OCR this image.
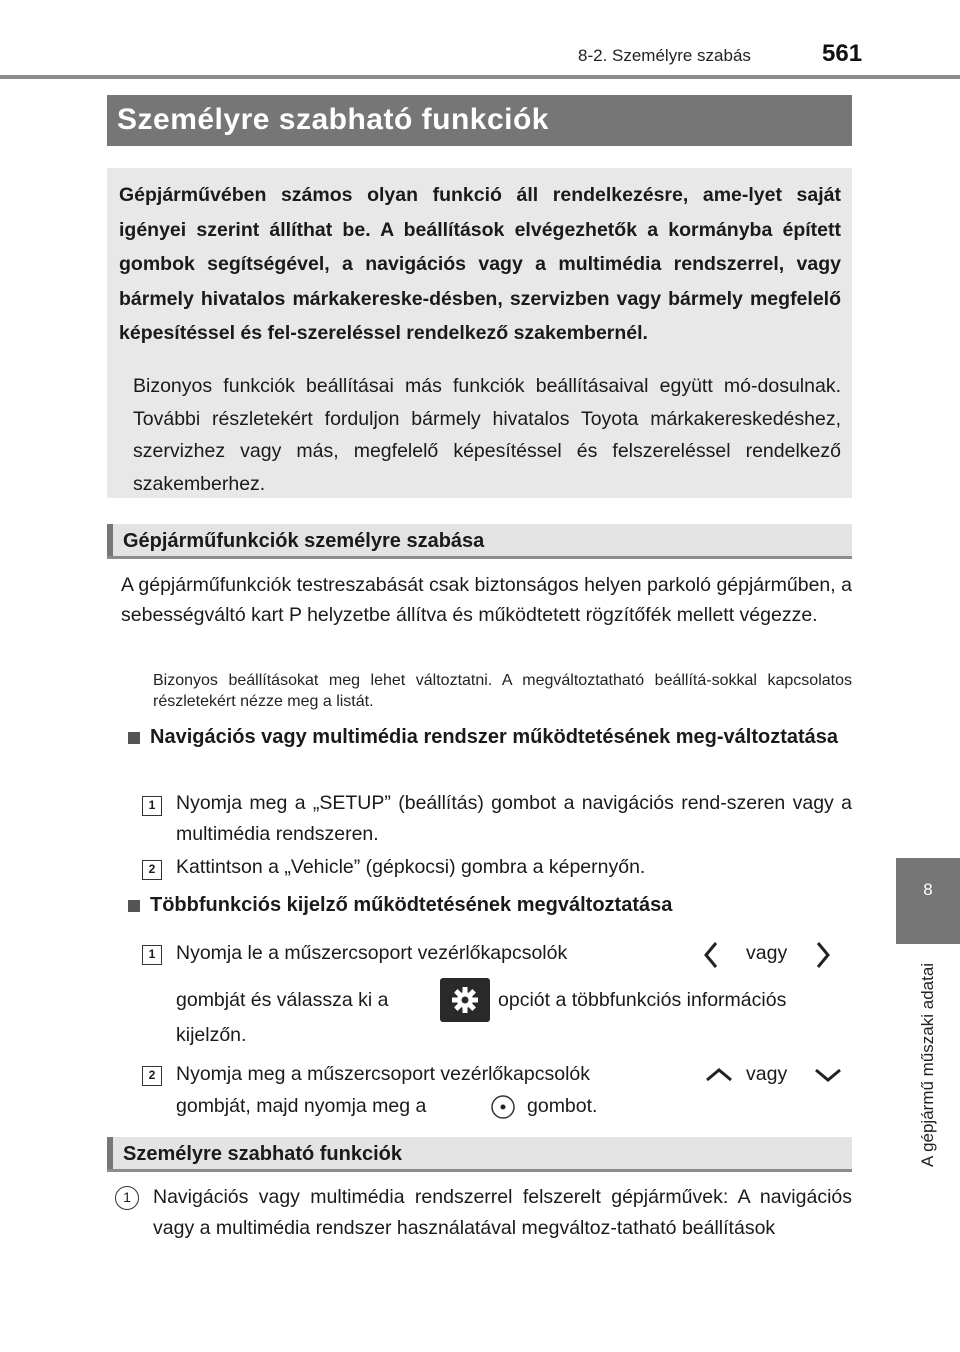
8-2. Személyre szabás	561
8
A gépjármű műszaki adatai
Személyre szabható funkciók
Gépjárművében számos olyan funkció áll rendelkezésre, ame-lyet saját igényei szerint állíthat be. A beállítások elvégezhetők a kormányba épített gombok segítségével, a navigációs vagy a multimédia rendszerrel, vagy bármely hivatalos márkakereske-désben, szervizben vagy bármely megfelelő képesítéssel és fel-szereléssel rendelkező szakembernél.
Bizonyos funkciók beállításai más funkciók beállításaival együtt mó-dosulnak. További részletekért forduljon bármely hivatalos Toyota márkakereskedéshez, szervizhez vagy más, megfelelő képesítéssel és felszereléssel rendelkező szakemberhez.
Gépjárműfunkciók személyre szabása
A gépjárműfunkciók testreszabását csak biztonságos helyen parkoló gépjárműben, a sebességváltó kart P helyzetbe állítva és működtetett rögzítőfék mellett végezze.
Bizonyos beállításokat meg lehet változtatni. A megváltoztatható beállítá-sokkal kapcsolatos részletekért nézze meg a listát.
Navigációs vagy multimédia rendszer működtetésének meg-változtatása
1	Nyomja meg a „SETUP” (beállítás) gombot a navigációs rend-szeren vagy a multimédia rendszeren.
2	Kattintson a „Vehicle” (gépkocsi) gombra a képernyőn.
Többfunkciós kijelző működtetésének megváltoztatása
1	Nyomja le a műszercsoport vezérlőkapcsolók	vagy
gombját és válassza ki a	opciót a többfunkciós információs
kijelzőn.
2	Nyomja meg a műszercsoport vezérlőkapcsolók	vagy
gombját, majd nyomja meg a	gombot.
Személyre szabható funkciók
1	Navigációs vagy multimédia rendszerrel felszerelt gépjárművek: A navigációs vagy a multimédia rendszer használatával megváltoz-tatható beállítások
